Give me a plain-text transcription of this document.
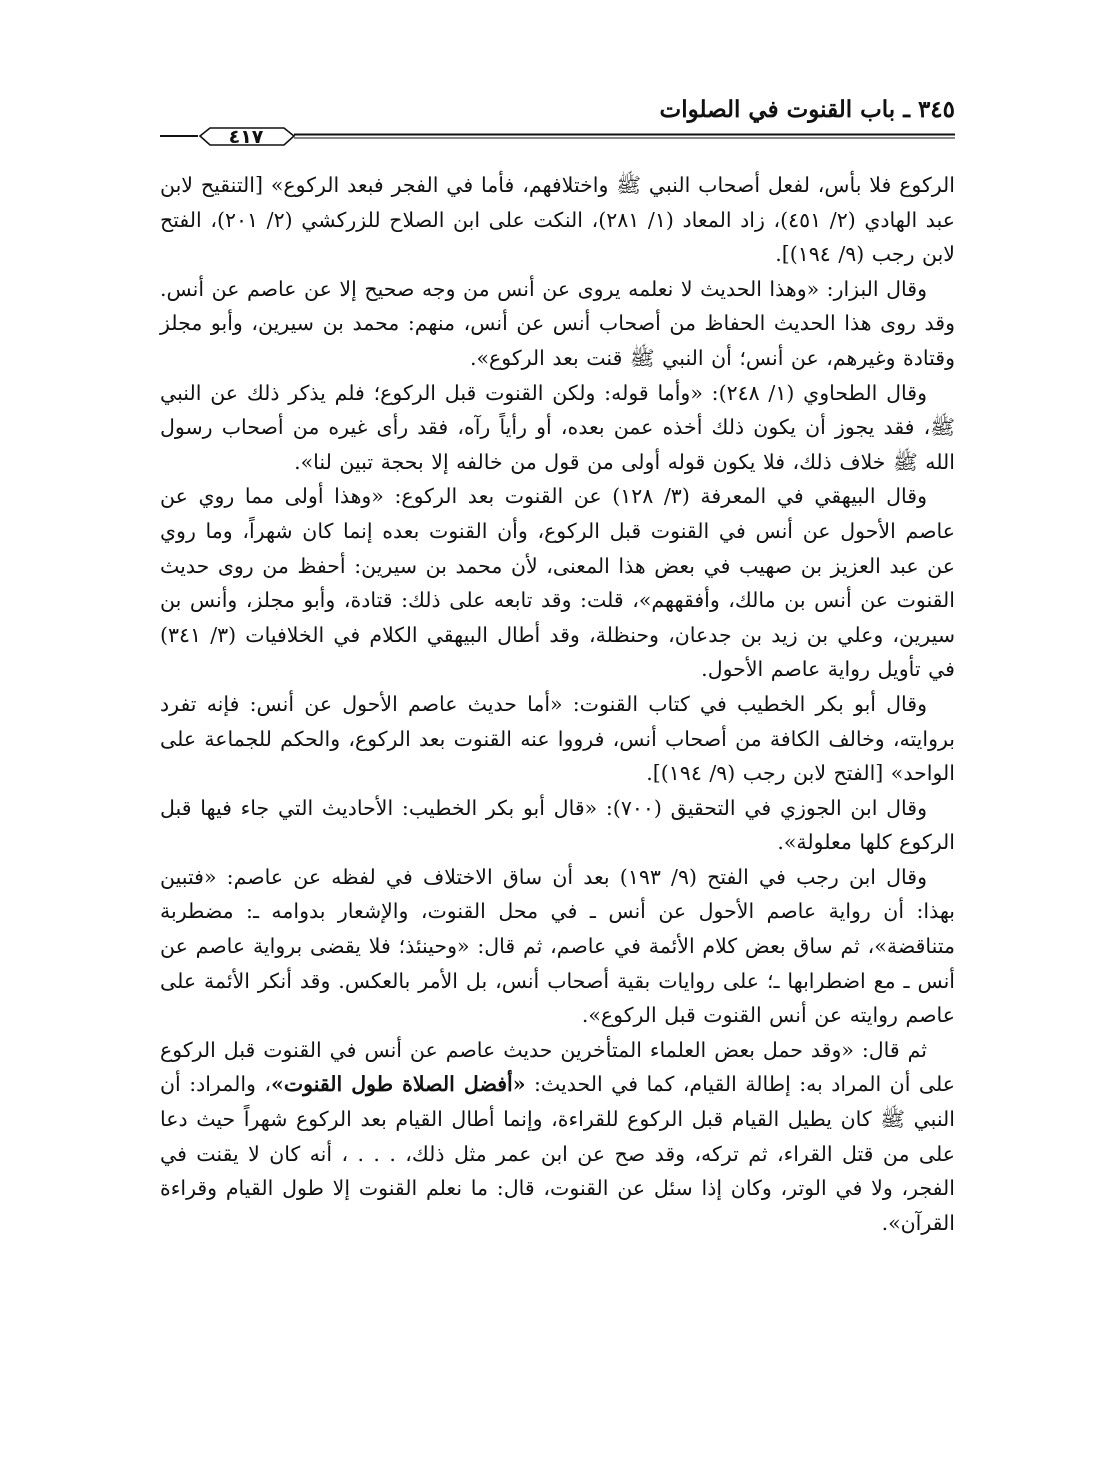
٣٤٥ ـ باب القنوت في الصلوات
٤١٧

الركوع فلا بأس، لفعل أصحاب النبي ﷺ واختلافهم، فأما في الفجر فبعد الركوع» [التنقيح لابن عبد الهادي (٢/ ٤٥١)، زاد المعاد (١/ ٢٨١)، النكت على ابن الصلاح للزركشي (٢/ ٢٠١)، الفتح لابن رجب (٩/ ١٩٤)].

وقال البزار: «وهذا الحديث لا نعلمه يروى عن أنس من وجه صحيح إلا عن عاصم عن أنس. وقد روى هذا الحديث الحفاظ من أصحاب أنس عن أنس، منهم: محمد بن سيرين، وأبو مجلز وقتادة وغيرهم، عن أنس؛ أن النبي ﷺ قنت بعد الركوع».

وقال الطحاوي (١/ ٢٤٨): «وأما قوله: ولكن القنوت قبل الركوع؛ فلم يذكر ذلك عن النبي ﷺ، فقد يجوز أن يكون ذلك أخذه عمن بعده، أو رأياً رآه، فقد رأى غيره من أصحاب رسول الله ﷺ خلاف ذلك، فلا يكون قوله أولى من قول من خالفه إلا بحجة تبين لنا».

وقال البيهقي في المعرفة (٣/ ١٢٨) عن القنوت بعد الركوع: «وهذا أولى مما روي عن عاصم الأحول عن أنس في القنوت قبل الركوع، وأن القنوت بعده إنما كان شهراً، وما روي عن عبد العزيز بن صهيب في بعض هذا المعنى، لأن محمد بن سيرين: أحفظ من روى حديث القنوت عن أنس بن مالك، وأفقههم»، قلت: وقد تابعه على ذلك: قتادة، وأبو مجلز، وأنس بن سيرين، وعلي بن زيد بن جدعان، وحنظلة، وقد أطال البيهقي الكلام في الخلافيات (٣/ ٣٤١) في تأويل رواية عاصم الأحول.

وقال أبو بكر الخطيب في كتاب القنوت: «أما حديث عاصم الأحول عن أنس: فإنه تفرد بروايته، وخالف الكافة من أصحاب أنس، فرووا عنه القنوت بعد الركوع، والحكم للجماعة على الواحد» [الفتح لابن رجب (٩/ ١٩٤)].

وقال ابن الجوزي في التحقيق (٧٠٠): «قال أبو بكر الخطيب: الأحاديث التي جاء فيها قبل الركوع كلها معلولة».

وقال ابن رجب في الفتح (٩/ ١٩٣) بعد أن ساق الاختلاف في لفظه عن عاصم: «فتبين بهذا: أن رواية عاصم الأحول عن أنس ـ في محل القنوت، والإشعار بدوامه ـ: مضطربة متناقضة»، ثم ساق بعض كلام الأئمة في عاصم، ثم قال: «وحينئذ؛ فلا يقضى برواية عاصم عن أنس ـ مع اضطرابها ـ؛ على روايات بقية أصحاب أنس، بل الأمر بالعكس. وقد أنكر الأئمة على عاصم روايته عن أنس القنوت قبل الركوع».

ثم قال: «وقد حمل بعض العلماء المتأخرين حديث عاصم عن أنس في القنوت قبل الركوع على أن المراد به: إطالة القيام، كما في الحديث: «أفضل الصلاة طول القنوت»، والمراد: أن النبي ﷺ كان يطيل القيام قبل الركوع للقراءة، وإنما أطال القيام بعد الركوع شهراً حيث دعا على من قتل القراء، ثم تركه، وقد صح عن ابن عمر مثل ذلك، . . . ، أنه كان لا يقنت في الفجر، ولا في الوتر، وكان إذا سئل عن القنوت، قال: ما نعلم القنوت إلا طول القيام وقراءة القرآن».
